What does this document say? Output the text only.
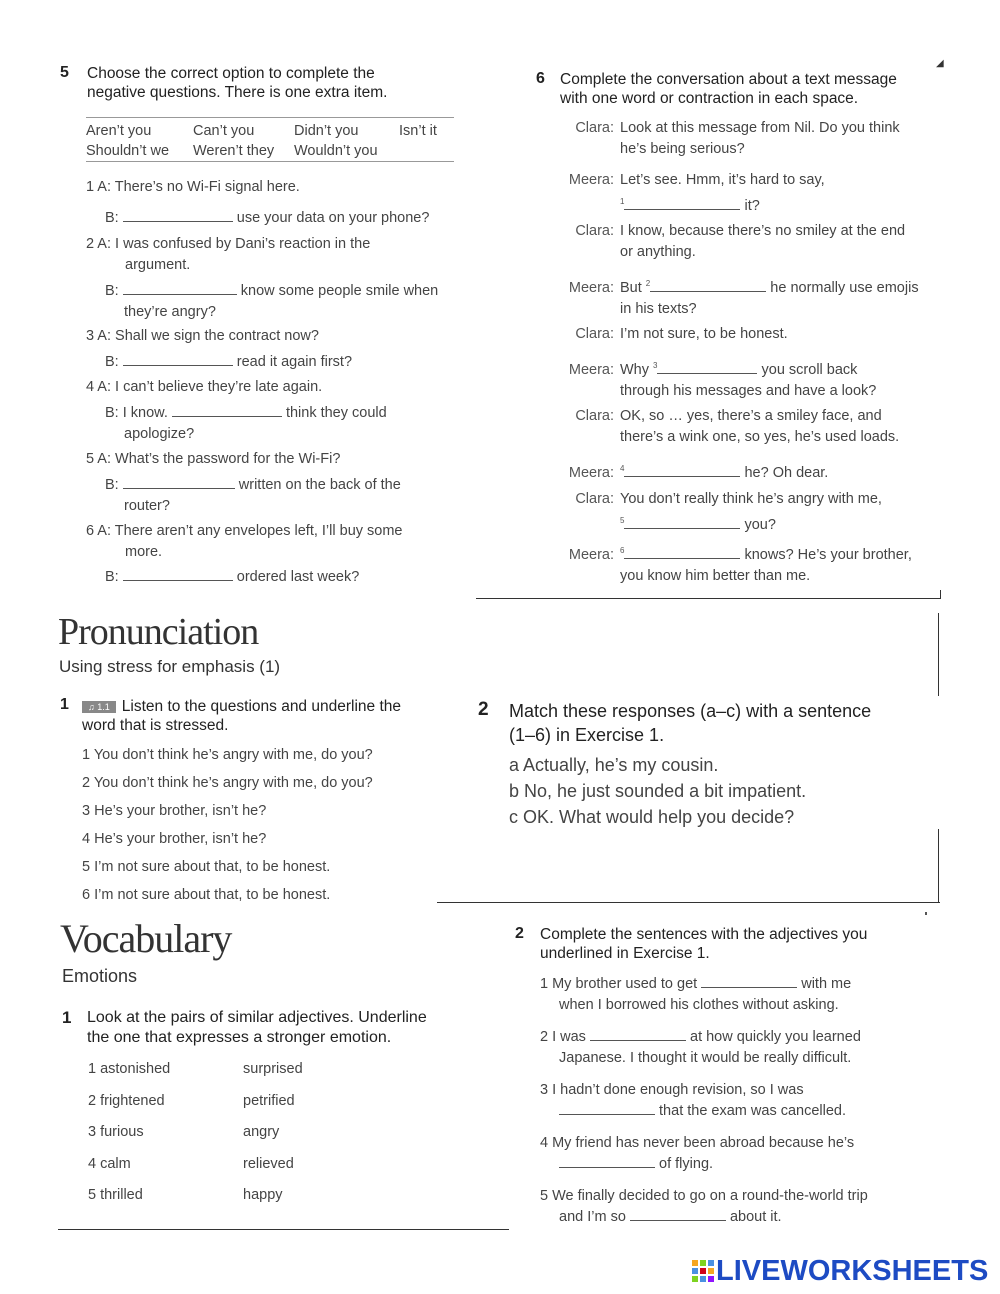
5 Choose the correct option to complete the
negative questions. There is one extra item.
Aren’t you	Can’t you	Didn’t you	Isn’t it
Shouldn’t we	Weren’t they	Wouldn’t you	
1 A: There’s no Wi-Fi signal here.
B:	use your data on your phone?
2 A: I was confused by Dani’s reaction in the
argument.
B:	know some people smile when
they’re angry?
3 A: Shall we sign the contract now?
B:	read it again first?
4 A: I can’t believe they’re late again.
B: I know.	think they could
apologize?
5 A: What’s the password for the Wi-Fi?
B:	written on the back of the
router?
6 A: There aren’t any envelopes left, I’ll buy some
more.
B:	ordered last week?
6 Complete the conversation about a text message
with one word or contraction in each space.
◢
Clara: Look at this message from Nil. Do you think
he’s being serious?
Meera: Let’s see. Hmm, it’s hard to say,
$^1$	it?
Clara: I know, because there’s no smiley at the end
or anything.
Meera: But $^2$	he normally use emojis
in his texts?
Clara: I’m not sure, to be honest.
Meera: Why $^3$	you scroll back
through his messages and have a look?
Clara: OK, so … yes, there’s a smiley face, and
there’s a wink one, so yes, he’s used loads.
Meera: $^4$	he? Oh dear.
Clara: You don’t really think he’s angry with me,
$^5$	you?
Meera: $^6$	knows? He’s your brother,
you know him better than me.
Pronunciation
Using stress for emphasis (1)
1	♫ 1.1 Listen to the questions and underline the
word that is stressed.
1 You don’t think he’s angry with me, do you?
2 You don’t think he’s angry with me, do you?
3 He’s your brother, isn’t he?
4 He’s your brother, isn’t he?
5 I’m not sure about that, to be honest.
6 I’m not sure about that, to be honest.
2 Match these responses (a–c) with a sentence
(1–6) in Exercise 1.
a Actually, he’s my cousin.
b No, he just sounded a bit impatient.
c OK. What would help you decide?
Vocabulary
Emotions
1 Look at the pairs of similar adjectives. Underline
the one that expresses a stronger emotion.
1 astonished	surprised
2 frightened	petrified
3 furious	angry
4 calm	relieved
5 thrilled	happy
2 Complete the sentences with the adjectives you
underlined in Exercise 1.
1 My brother used to get	with me
when I borrowed his clothes without asking.
2 I was	at how quickly you learned
Japanese. I thought it would be really difficult.
3 I hadn’t done enough revision, so I was
that the exam was cancelled.
4 My friend has never been abroad because he’s
of flying.
5 We finally decided to go on a round-the-world trip
and I’m so	about it.
LIVEWORKSHEETS
